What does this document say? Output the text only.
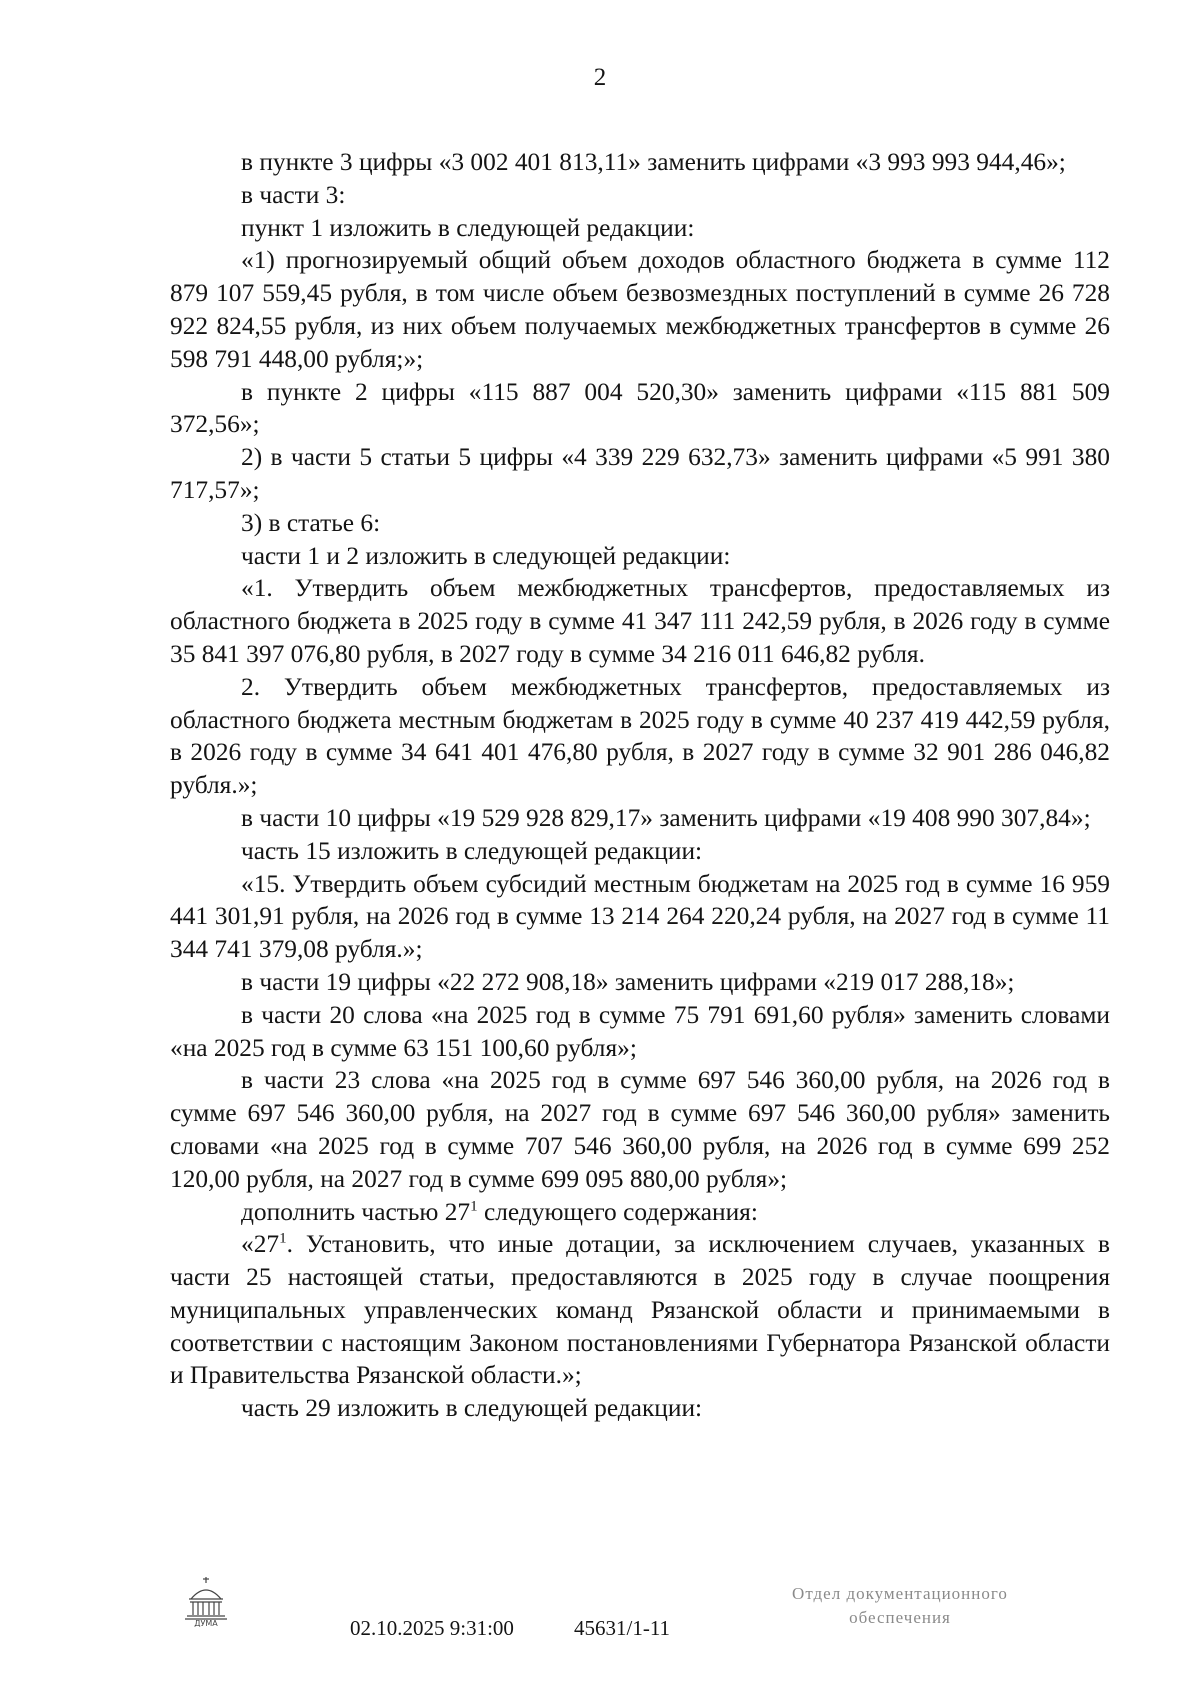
2

в пункте 3 цифры «3 002 401 813,11» заменить цифрами «3 993 993 944,46»;

в части 3:

пункт 1 изложить в следующей редакции:

«1) прогнозируемый общий объем доходов областного бюджета в сумме 112 879 107 559,45 рубля, в том числе объем безвозмездных поступлений в сумме 26 728 922 824,55 рубля, из них объем получаемых межбюджетных трансфертов в сумме 26 598 791 448,00 рубля;»;

в пункте 2 цифры «115 887 004 520,30» заменить цифрами «115 881 509 372,56»;

2) в части 5 статьи 5 цифры «4 339 229 632,73» заменить цифрами «5 991 380 717,57»;

3) в статье 6:

части 1 и 2 изложить в следующей редакции:

«1. Утвердить объем межбюджетных трансфертов, предоставляемых из областного бюджета в 2025 году в сумме 41 347 111 242,59 рубля, в 2026 году в сумме 35 841 397 076,80 рубля, в 2027 году в сумме 34 216 011 646,82 рубля.

2. Утвердить объем межбюджетных трансфертов, предоставляемых из областного бюджета местным бюджетам в 2025 году в сумме 40 237 419 442,59 рубля, в 2026 году в сумме 34 641 401 476,80 рубля, в 2027 году в сумме 32 901 286 046,82 рубля.»;

в части 10 цифры «19 529 928 829,17» заменить цифрами «19 408 990 307,84»;

часть 15 изложить в следующей редакции:

«15. Утвердить объем субсидий местным бюджетам на 2025 год в сумме 16 959 441 301,91 рубля, на 2026 год в сумме 13 214 264 220,24 рубля, на 2027 год в сумме 11 344 741 379,08 рубля.»;

в части 19 цифры «22 272 908,18» заменить цифрами «219 017 288,18»;

в части 20 слова «на 2025 год в сумме 75 791 691,60 рубля» заменить словами «на 2025 год в сумме 63 151 100,60 рубля»;

в части 23 слова «на 2025 год в сумме 697 546 360,00 рубля, на 2026 год в сумме 697 546 360,00 рубля, на 2027 год в сумме 697 546 360,00 рубля» заменить словами «на 2025 год в сумме 707 546 360,00 рубля, на 2026 год в сумме 699 252 120,00 рубля, на 2027 год в сумме 699 095 880,00 рубля»;

дополнить частью $27^1$ следующего содержания:

«$27^1$. Установить, что иные дотации, за исключением случаев, указанных в части 25 настоящей статьи, предоставляются в 2025 году в случае поощрения муниципальных управленческих команд Рязанской области и принимаемыми в соответствии с настоящим Законом постановлениями Губернатора Рязанской области и Правительства Рязанской области.»;

часть 29 изложить в следующей редакции:

ДУМА	02.10.2025 9:31:00	45631/1-11
Отдел документационного
обеспечения
